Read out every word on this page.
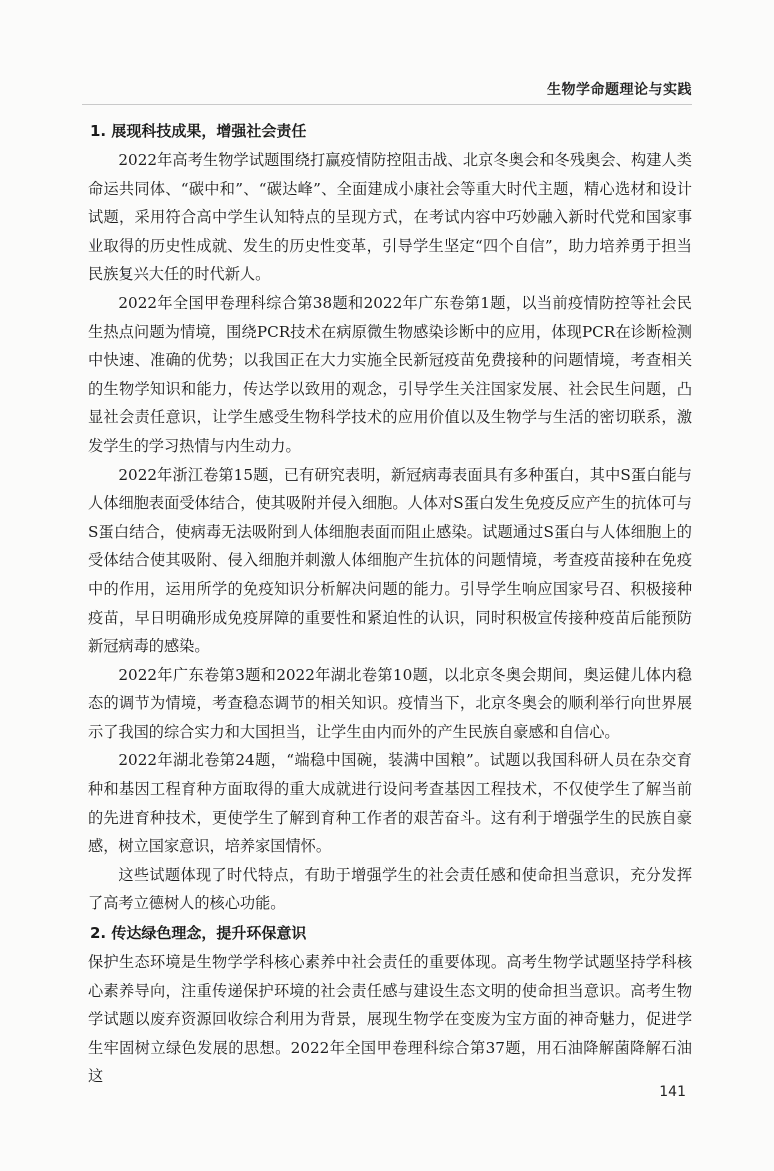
生物学命题理论与实践
1. 展现科技成果，增强社会责任

2022年高考生物学试题围绕打赢疫情防控阻击战、北京冬奥会和冬残奥会、构建人类命运共同体、“碳中和”、“碳达峰”、全面建成小康社会等重大时代主题，精心选材和设计试题，采用符合高中学生认知特点的呈现方式，在考试内容中巧妙融入新时代党和国家事业取得的历史性成就、发生的历史性变革，引导学生坚定“四个自信”，助力培养勇于担当民族复兴大任的时代新人。

2022年全国甲卷理科综合第38题和2022年广东卷第1题，以当前疫情防控等社会民生热点问题为情境，围绕PCR技术在病原微生物感染诊断中的应用，体现PCR在诊断检测中快速、准确的优势；以我国正在大力实施全民新冠疫苗免费接种的问题情境，考查相关的生物学知识和能力，传达学以致用的观念，引导学生关注国家发展、社会民生问题，凸显社会责任意识，让学生感受生物科学技术的应用价值以及生物学与生活的密切联系，激发学生的学习热情与内生动力。

2022年浙江卷第15题，已有研究表明，新冠病毒表面具有多种蛋白，其中S蛋白能与人体细胞表面受体结合，使其吸附并侵入细胞。人体对S蛋白发生免疫反应产生的抗体可与S蛋白结合，使病毒无法吸附到人体细胞表面而阻止感染。试题通过S蛋白与人体细胞上的受体结合使其吸附、侵入细胞并刺激人体细胞产生抗体的问题情境，考查疫苗接种在免疫中的作用，运用所学的免疫知识分析解决问题的能力。引导学生响应国家号召、积极接种疫苗，早日明确形成免疫屏障的重要性和紧迫性的认识，同时积极宣传接种疫苗后能预防新冠病毒的感染。

2022年广东卷第3题和2022年湖北卷第10题，以北京冬奥会期间，奥运健儿体内稳态的调节为情境，考查稳态调节的相关知识。疫情当下，北京冬奥会的顺利举行向世界展示了我国的综合实力和大国担当，让学生由内而外的产生民族自豪感和自信心。

2022年湖北卷第24题，“端稳中国碗，装满中国粮”。试题以我国科研人员在杂交育种和基因工程育种方面取得的重大成就进行设问考查基因工程技术，不仅使学生了解当前的先进育种技术，更使学生了解到育种工作者的艰苦奋斗。这有利于增强学生的民族自豪感，树立国家意识，培养家国情怀。

这些试题体现了时代特点，有助于增强学生的社会责任感和使命担当意识，充分发挥了高考立德树人的核心功能。

2. 传达绿色理念，提升环保意识

保护生态环境是生物学学科核心素养中社会责任的重要体现。高考生物学试题坚持学科核心素养导向，注重传递保护环境的社会责任感与建设生态文明的使命担当意识。高考生物学试题以废弃资源回收综合利用为背景，展现生物学在变废为宝方面的神奇魅力，促进学生牢固树立绿色发展的思想。2022年全国甲卷理科综合第37题，用石油降解菌降解石油这

141
